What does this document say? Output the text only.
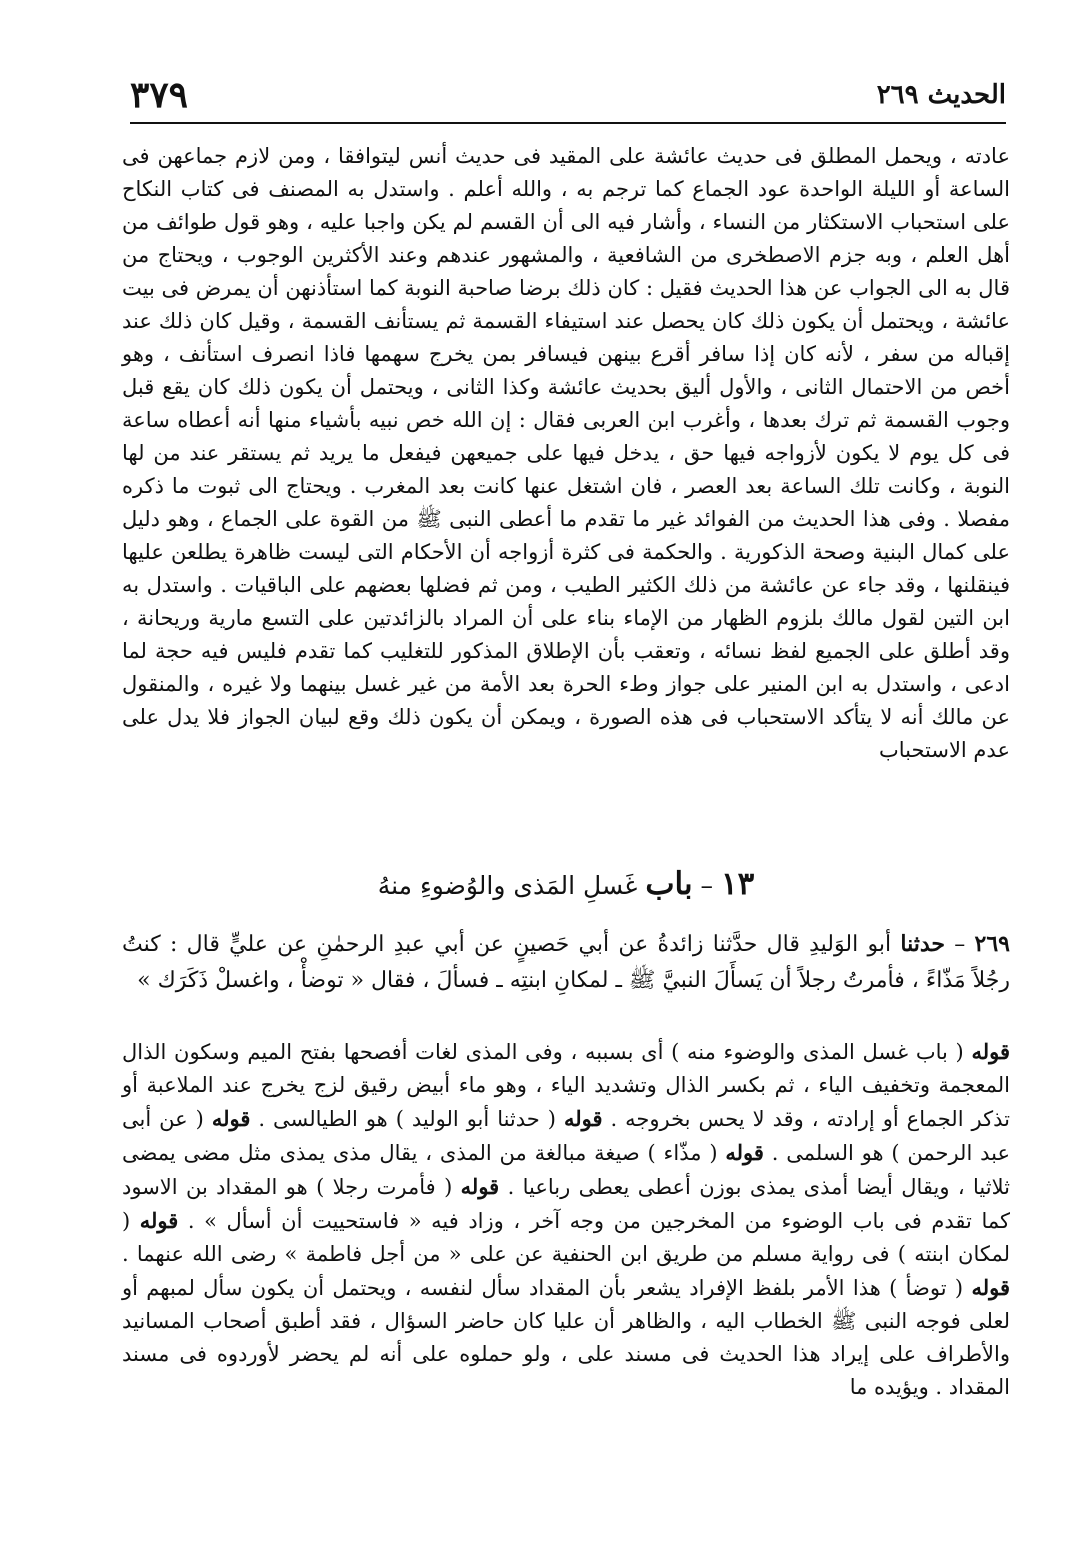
الحديث ٢٦٩
٣٧٩
عادته ، ويحمل المطلق فى حديث عائشة على المقيد فى حديث أنس ليتوافقا ، ومن لازم جماعهن فى الساعة أو الليلة الواحدة عود الجماع كما ترجم به ، والله أعلم . واستدل به المصنف فى كتاب النكاح على استحباب الاستكثار من النساء ، وأشار فيه الى أن القسم لم يكن واجبا عليه ، وهو قول طوائف من أهل العلم ، وبه جزم الاصطخرى من الشافعية ، والمشهور عندهم وعند الأكثرين الوجوب ، ويحتاج من قال به الى الجواب عن هذا الحديث فقيل : كان ذلك برضا صاحبة النوبة كما استأذنهن أن يمرض فى بيت عائشة ، ويحتمل أن يكون ذلك كان يحصل عند استيفاء القسمة ثم يستأنف القسمة ، وقيل كان ذلك عند إقباله من سفر ، لأنه كان إذا سافر أقرع بينهن فيسافر بمن يخرج سهمها فاذا انصرف استأنف ، وهو أخص من الاحتمال الثانى ، والأول أليق بحديث عائشة وكذا الثانى ، ويحتمل أن يكون ذلك كان يقع قبل وجوب القسمة ثم ترك بعدها ، وأغرب ابن العربى فقال : إن الله خص نبيه بأشياء منها أنه أعطاه ساعة فى كل يوم لا يكون لأزواجه فيها حق ، يدخل فيها على جميعهن فيفعل ما يريد ثم يستقر عند من لها النوبة ، وكانت تلك الساعة بعد العصر ، فان اشتغل عنها كانت بعد المغرب . ويحتاج الى ثبوت ما ذكره مفصلا . وفى هذا الحديث من الفوائد غير ما تقدم ما أعطى النبى ﷺ من القوة على الجماع ، وهو دليل على كمال البنية وصحة الذكورية . والحكمة فى كثرة أزواجه أن الأحكام التى ليست ظاهرة يطلعن عليها فينقلنها ، وقد جاء عن عائشة من ذلك الكثير الطيب ، ومن ثم فضلها بعضهم على الباقيات . واستدل به ابن التين لقول مالك بلزوم الظهار من الإماء بناء على أن المراد بالزائدتين على التسع مارية وريحانة ، وقد أطلق على الجميع لفظ نسائه ، وتعقب بأن الإطلاق المذكور للتغليب كما تقدم فليس فيه حجة لما ادعى ، واستدل به ابن المنير على جواز وطء الحرة بعد الأمة من غير غسل بينهما ولا غيره ، والمنقول عن مالك أنه لا يتأكد الاستحباب فى هذه الصورة ، ويمكن أن يكون ذلك وقع لبيان الجواز فلا يدل على عدم الاستحباب
١٣ – باب غَسلِ المَذى والوُضوءِ منهُ
٢٦٩ – حدثنا أبو الوَليدِ قال حدَّثنا زائدةُ عن أبي حَصينٍ عن أبي عبدِ الرحمٰنِ عن عليٍّ قال : كنتُ رجُلاً مَذّاءً ، فأمرتُ رجلاً أن يَسأَلَ النبيَّ ﷺ ـ لمكانِ ابنتِه ـ فسألَ ، فقال « توضأْ ، واغسلْ ذَكَرَك »
قوله ( باب غسل المذى والوضوء منه ) أى بسببه ، وفى المذى لغات أفصحها بفتح الميم وسكون الذال المعجمة وتخفيف الياء ، ثم بكسر الذال وتشديد الياء ، وهو ماء أبيض رقيق لزج يخرج عند الملاعبة أو تذكر الجماع أو إرادته ، وقد لا يحس بخروجه . قوله ( حدثنا أبو الوليد ) هو الطيالسى . قوله ( عن أبى عبد الرحمن ) هو السلمى . قوله ( مذّاء ) صيغة مبالغة من المذى ، يقال مذى يمذى مثل مضى يمضى ثلاثيا ، ويقال أيضا أمذى يمذى بوزن أعطى يعطى رباعيا . قوله ( فأمرت رجلا ) هو المقداد بن الاسود كما تقدم فى باب الوضوء من المخرجين من وجه آخر ، وزاد فيه « فاستحييت أن أسأل » . قوله ( لمكان ابنته ) فى رواية مسلم من طريق ابن الحنفية عن على « من أجل فاطمة » رضى الله عنهما . قوله ( توضأ ) هذا الأمر بلفظ الإفراد يشعر بأن المقداد سأل لنفسه ، ويحتمل أن يكون سأل لمبهم أو لعلى فوجه النبى ﷺ الخطاب اليه ، والظاهر أن عليا كان حاضر السؤال ، فقد أطبق أصحاب المسانيد والأطراف على إيراد هذا الحديث فى مسند على ، ولو حملوه على أنه لم يحضر لأوردوه فى مسند المقداد . ويؤيده ما
